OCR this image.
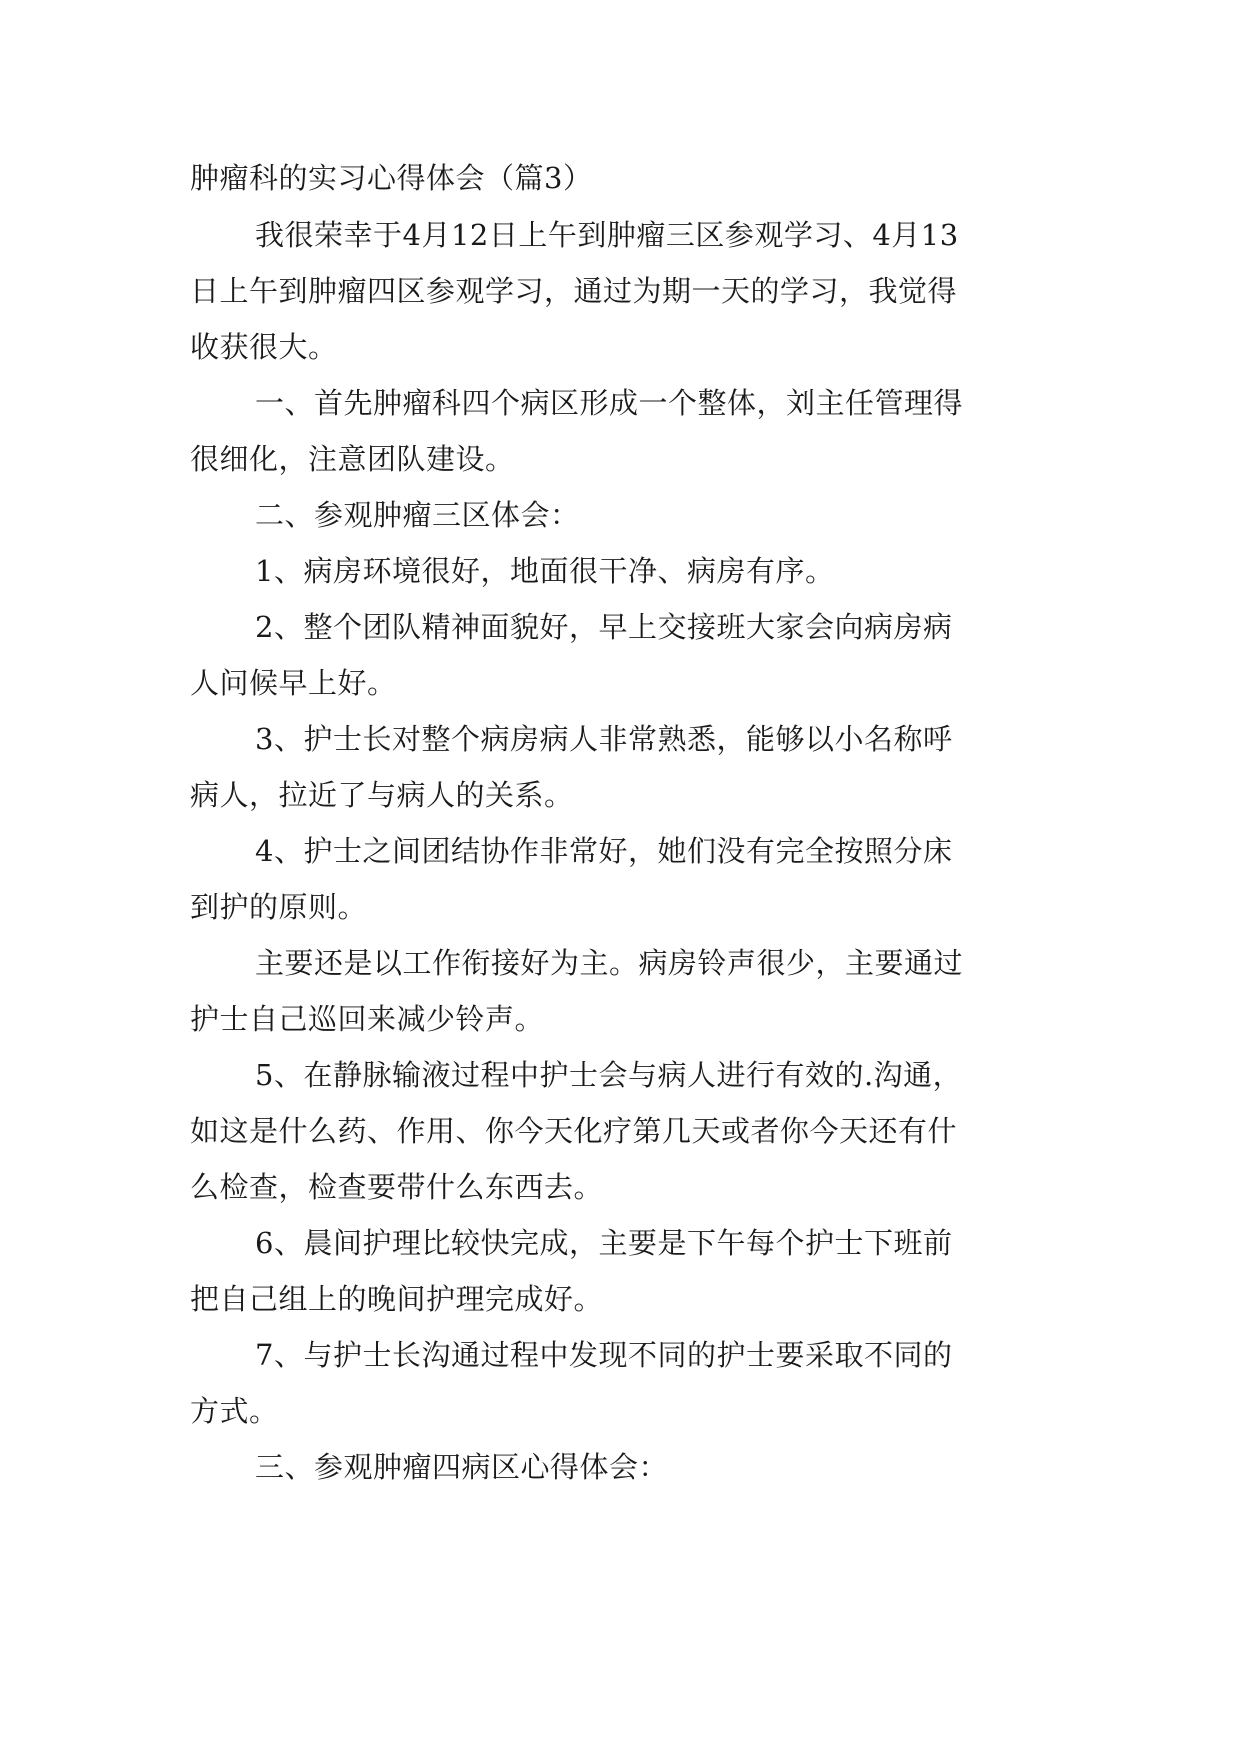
肿瘤科的实习心得体会（篇3）
我很荣幸于4月12日上午到肿瘤三区参观学习、4月13
日上午到肿瘤四区参观学习，通过为期一天的学习，我觉得
收获很大。
一、首先肿瘤科四个病区形成一个整体，刘主任管理得
很细化，注意团队建设。
二、参观肿瘤三区体会：
1、病房环境很好，地面很干净、病房有序。
2、整个团队精神面貌好，早上交接班大家会向病房病
人问候早上好。
3、护士长对整个病房病人非常熟悉，能够以小名称呼
病人，拉近了与病人的关系。
4、护士之间团结协作非常好，她们没有完全按照分床
到护的原则。
主要还是以工作衔接好为主。病房铃声很少，主要通过
护士自己巡回来减少铃声。
5、在静脉输液过程中护士会与病人进行有效的.沟通，
如这是什么药、作用、你今天化疗第几天或者你今天还有什
么检查，检查要带什么东西去。
6、晨间护理比较快完成，主要是下午每个护士下班前
把自己组上的晚间护理完成好。
7、与护士长沟通过程中发现不同的护士要采取不同的
方式。
三、参观肿瘤四病区心得体会：
